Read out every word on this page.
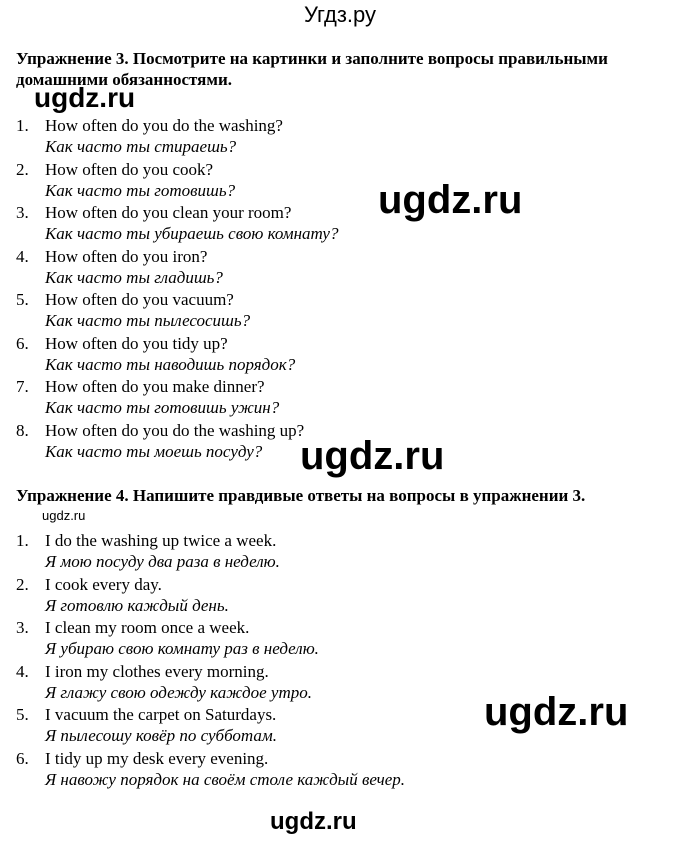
Угдз.ру
Упражнение 3. Посмотрите на картинки и заполните вопросы правильными домашними обязанностями.
1. How often do you do the washing?
Как часто ты стираешь?
2. How often do you cook?
Как часто ты готовишь?
3. How often do you clean your room?
Как часто ты убираешь свою комнату?
4. How often do you iron?
Как часто ты гладишь?
5. How often do you vacuum?
Как часто ты пылесосишь?
6. How often do you tidy up?
Как часто ты наводишь порядок?
7. How often do you make dinner?
Как часто ты готовишь ужин?
8. How often do you do the washing up?
Как часто ты моешь посуду?
Упражнение 4. Напишите правдивые ответы на вопросы в упражнении 3.
1. I do the washing up twice a week.
Я мою посуду два раза в неделю.
2. I cook every day.
Я готовлю каждый день.
3. I clean my room once a week.
Я убираю свою комнату раз в неделю.
4. I iron my clothes every morning.
Я глажу свою одежду каждое утро.
5. I vacuum the carpet on Saturdays.
Я пылесошу ковёр по субботам.
6. I tidy up my desk every evening.
Я навожу порядок на своём столе каждый вечер.
ugdz.ru
ugdz.ru
ugdz.ru
ugdz.ru
ugdz.ru
ugdz.ru
